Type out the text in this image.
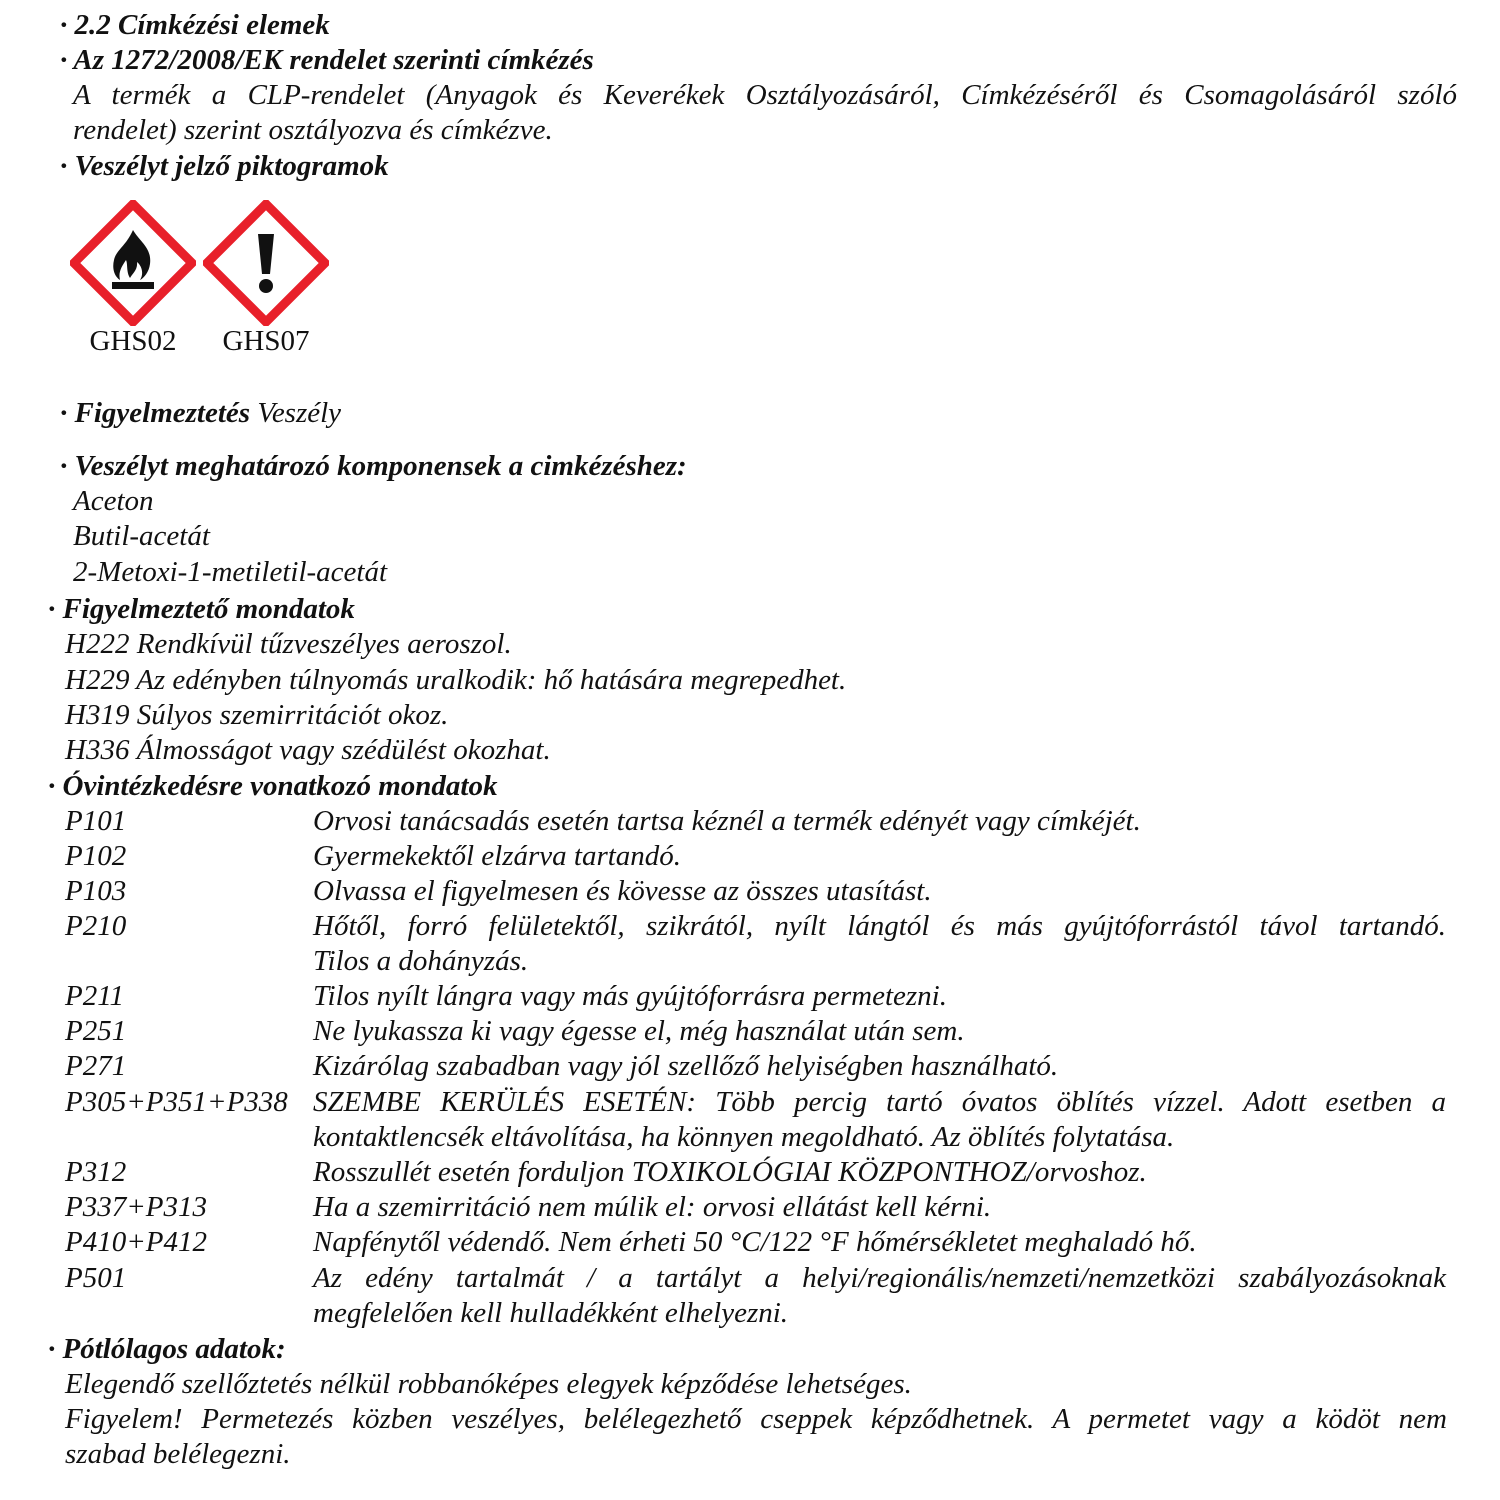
· 2.2 Címkézési elemek
· Az 1272/2008/EK rendelet szerinti címkézés
A termék a CLP-rendelet (Anyagok és Keverékek Osztályozásáról, Címkézéséről és Csomagolásáról szóló
rendelet) szerint osztályozva és címkézve.
· Veszélyt jelző piktogramok
GHS02	GHS07
· Figyelmeztetés Veszély
· Veszélyt meghatározó komponensek a cimkézéshez:
Aceton
Butil-acetát
2-Metoxi-1-metiletil-acetát
· Figyelmeztető mondatok
H222 Rendkívül tűzveszélyes aeroszol.
H229 Az edényben túlnyomás uralkodik: hő hatására megrepedhet.
H319 Súlyos szemirritációt okoz.
H336 Álmosságot vagy szédülést okozhat.
· Óvintézkedésre vonatkozó mondatok
P101	Orvosi tanácsadás esetén tartsa kéznél a termék edényét vagy címkéjét.
P102	Gyermekektől elzárva tartandó.
P103	Olvassa el figyelmesen és kövesse az összes utasítást.
P210	Hőtől, forró felületektől, szikrától, nyílt lángtól és más gyújtóforrástól távol tartandó.
Tilos a dohányzás.
P211	Tilos nyílt lángra vagy más gyújtóforrásra permetezni.
P251	Ne lyukassza ki vagy égesse el, még használat után sem.
P271	Kizárólag szabadban vagy jól szellőző helyiségben használható.
P305+P351+P338 SZEMBE KERÜLÉS ESETÉN: Több percig tartó óvatos öblítés vízzel. Adott esetben a
kontaktlencsék eltávolítása, ha könnyen megoldható. Az öblítés folytatása.
P312	Rosszullét esetén forduljon TOXIKOLÓGIAI KÖZPONTHOZ/orvoshoz.
P337+P313	Ha a szemirritáció nem múlik el: orvosi ellátást kell kérni.
P410+P412	Napfénytől védendő. Nem érheti 50 °C/122 °F hőmérsékletet meghaladó hő.
P501	Az edény tartalmát / a tartályt a helyi/regionális/nemzeti/nemzetközi szabályozásoknak
megfelelően kell hulladékként elhelyezni.
· Pótlólagos adatok:
Elegendő szellőztetés nélkül robbanóképes elegyek képződése lehetséges.
Figyelem! Permetezés közben veszélyes, belélegezhető cseppek képződhetnek. A permetet vagy a ködöt nem
szabad belélegezni.
